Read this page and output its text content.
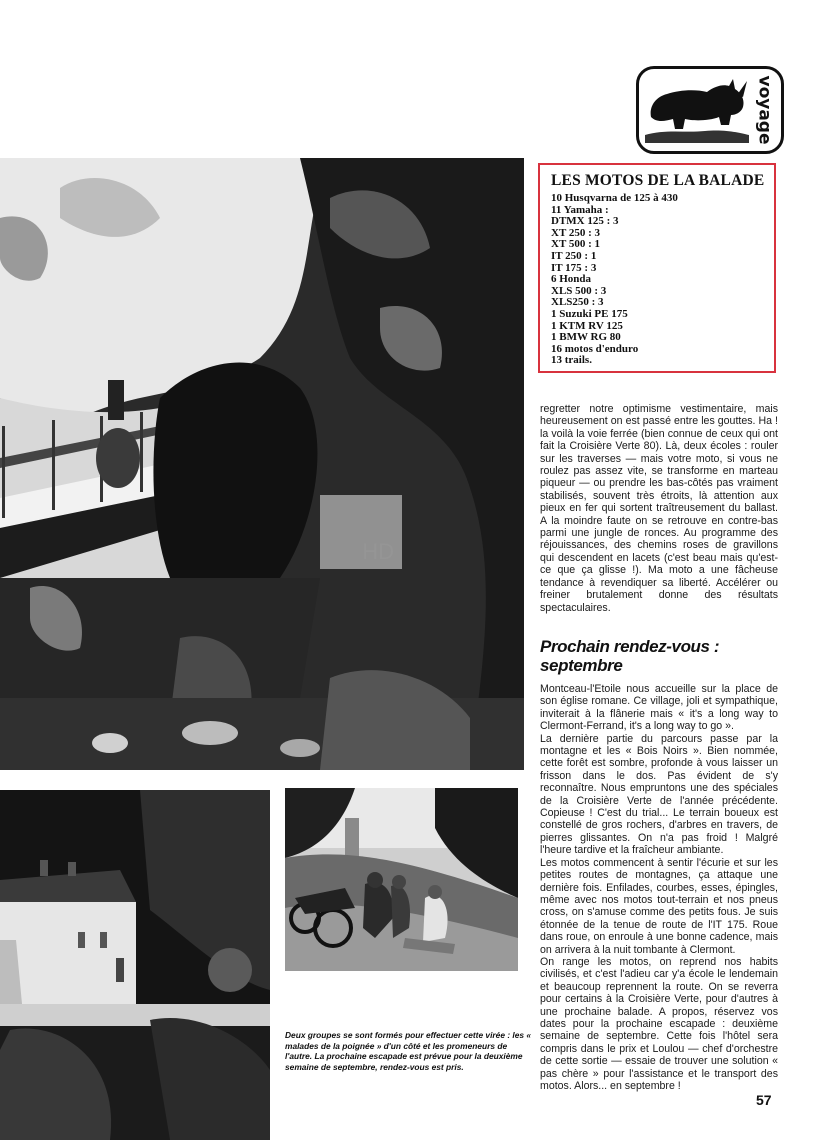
voyage
HD
LES MOTOS DE LA BALADE
10 Husqvarna de 125 à 430
11 Yamaha :
DTMX 125 : 3
XT 250 : 3
XT 500 : 1
IT 250 : 1
IT 175 : 3
6 Honda
XLS 500 : 3
XLS250 : 3
1 Suzuki PE 175
1 KTM RV 125
1 BMW RG 80
16 motos d'enduro
13 trails.

regretter notre optimisme vestimentaire, mais heureusement on est passé entre les gouttes. Ha ! la voilà la voie ferrée (bien connue de ceux qui ont fait la Croisière Verte 80). Là, deux écoles : rouler sur les traverses — mais votre moto, si vous ne roulez pas assez vite, se transforme en marteau piqueur — ou prendre les bas-côtés pas vraiment stabilisés, souvent très étroits, là attention aux pieux en fer qui sortent traîtreusement du ballast. A la moindre faute on se retrouve en contre-bas parmi une jungle de ronces. Au programme des réjouissances, des chemins roses de gravillons qui descendent en lacets (c'est beau mais qu'est-ce que ça glisse !). Ma moto a une fâcheuse tendance à revendiquer sa liberté. Accélérer ou freiner brutalement donne des résultats spectaculaires.

Prochain rendez-vous : septembre

Montceau-l'Etoile nous accueille sur la place de son église romane. Ce village, joli et sympathique, inviterait à la flânerie mais « it's a long way to Clermont-Ferrand, it's a long way to go ».

La dernière partie du parcours passe par la montagne et les « Bois Noirs ». Bien nommée, cette forêt est sombre, profonde à vous laisser un frisson dans le dos. Pas évident de s'y reconnaître. Nous empruntons une des spéciales de la Croisière Verte de l'année précédente. Copieuse ! C'est du trial... Le terrain boueux est constellé de gros rochers, d'arbres en travers, de pierres glissantes. On n'a pas froid ! Malgré l'heure tardive et la fraîcheur ambiante.

Les motos commencent à sentir l'écurie et sur les petites routes de montagnes, ça attaque une dernière fois. Enfilades, courbes, esses, épingles, même avec nos motos tout-terrain et nos pneus cross, on s'amuse comme des petits fous. Je suis étonnée de la tenue de route de l'IT 175. Roue dans roue, on enroule à une bonne cadence, mais on arrivera à la nuit tombante à Clermont.

On range les motos, on reprend nos habits civilisés, et c'est l'adieu car y'a école le lendemain et beaucoup reprennent la route. On se reverra pour certains à la Croisière Verte, pour d'autres à une prochaine balade. A propos, réservez vos dates pour la prochaine escapade : deuxième semaine de septembre. Cette fois l'hôtel sera compris dans le prix et Loulou — chef d'orchestre de cette sortie — essaie de trouver une solution « pas chère » pour l'assistance et le transport des motos. Alors... en septembre !

Deux groupes se sont formés pour effectuer cette virée : les « malades de la poignée » d'un côté et les promeneurs de l'autre. La prochaine escapade est prévue pour la deuxième semaine de septembre, rendez-vous est pris.
57
